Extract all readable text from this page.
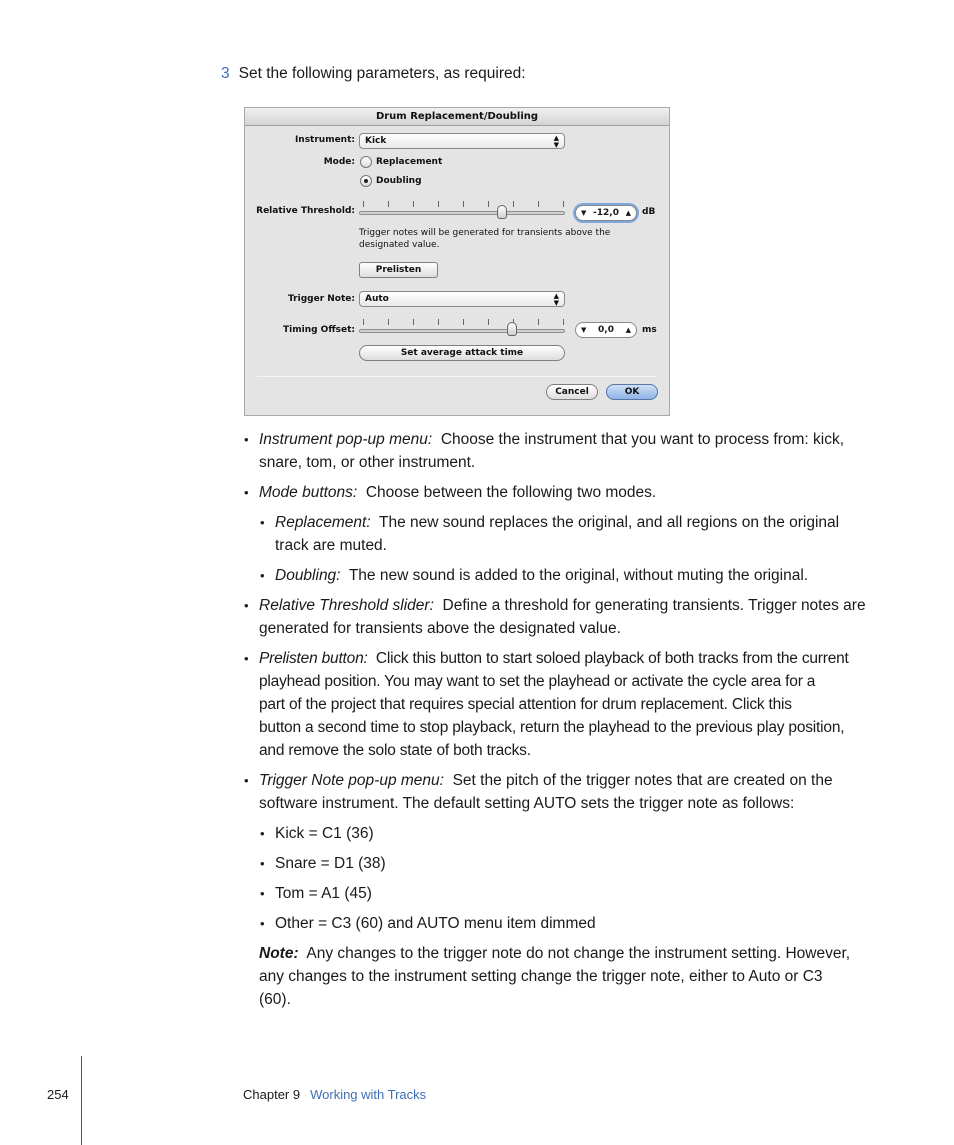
3 Set the following parameters, as required:
Drum Replacement/Doubling
Instrument:	Kick	▲
▼
Mode: Replacement
Doubling
Relative Threshold:	▼ -12,0 ▲ dB
Trigger notes will be generated for transients above the designated value.
Prelisten
Trigger Note:	Auto	▲
▼
Timing Offset:	▼ 0,0 ▲ ms
Set average attack time
Cancel	OK
• Instrument pop-up menu: Choose the instrument that you want to process from: kick,
snare, tom, or other instrument.
• Mode buttons: Choose between the following two modes.
• Replacement: The new sound replaces the original, and all regions on the original
track are muted.
• Doubling: The new sound is added to the original, without muting the original.
• Relative Threshold slider: Define a threshold for generating transients. Trigger notes are
generated for transients above the designated value.
• Prelisten button: Click this button to start soloed playback of both tracks from the current
playhead position. You may want to set the playhead or activate the cycle area for a
part of the project that requires special attention for drum replacement. Click this
button a second time to stop playback, return the playhead to the previous play position,
and remove the solo state of both tracks.
• Trigger Note pop-up menu: Set the pitch of the trigger notes that are created on the
software instrument. The default setting AUTO sets the trigger note as follows:
• Kick = C1 (36)
• Snare = D1 (38)
• Tom = A1 (45)
• Other = C3 (60) and AUTO menu item dimmed
Note: Any changes to the trigger note do not change the instrument setting. However,
any changes to the instrument setting change the trigger note, either to Auto or C3
(60).
254	Chapter 9 Working with Tracks
